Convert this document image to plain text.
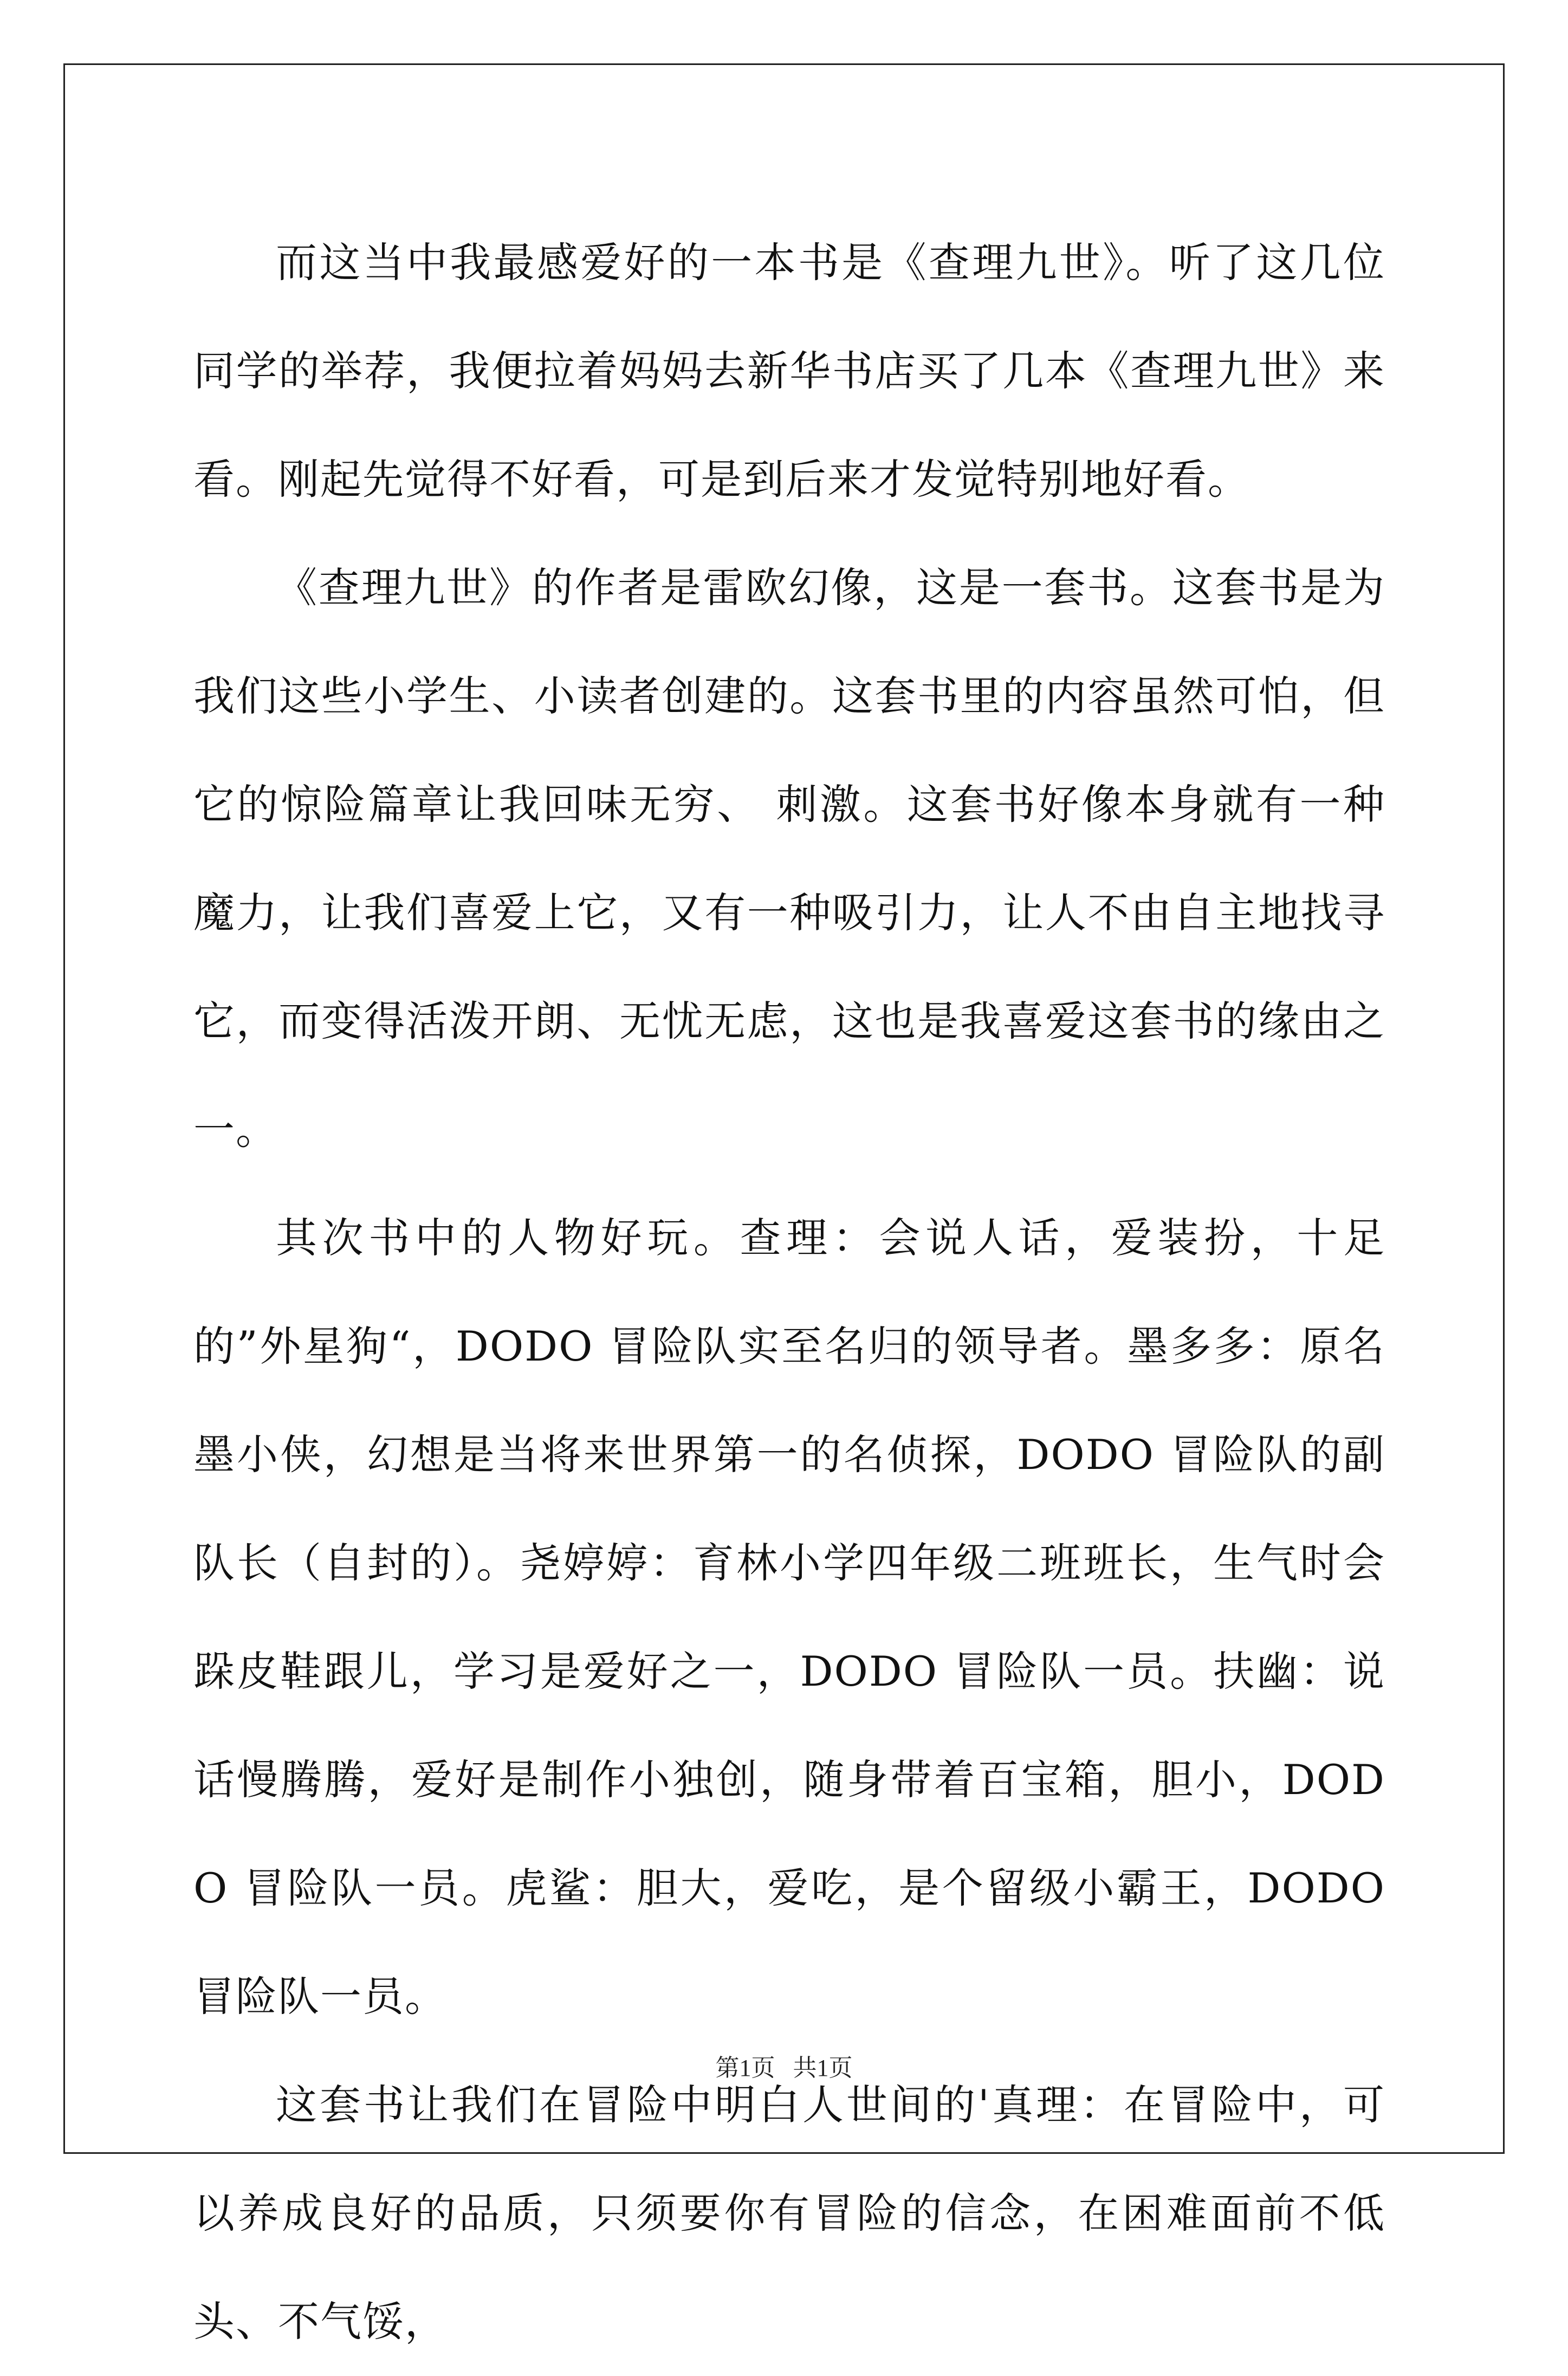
而这当中我最感爱好的一本书是《查理九世》。听了这几位同学的举荐，我便拉着妈妈去新华书店买了几本《查理九世》来看。刚起先觉得不好看，可是到后来才发觉特别地好看。

《查理九世》的作者是雷欧幻像，这是一套书。这套书是为我们这些小学生、小读者创建的。这套书里的内容虽然可怕，但它的惊险篇章让我回味无穷、 刺激。这套书好像本身就有一种魔力，让我们喜爱上它，又有一种吸引力，让人不由自主地找寻它，而变得活泼开朗、无忧无虑，这也是我喜爱这套书的缘由之一。

其次书中的人物好玩。查理：会说人话，爱装扮，十足的”外星狗“，DODO 冒险队实至名归的领导者。墨多多：原名墨小侠，幻想是当将来世界第一的名侦探，DODO 冒险队的副队长（自封的）。尧婷婷：育林小学四年级二班班长，生气时会跺皮鞋跟儿，学习是爱好之一，DODO 冒险队一员。扶幽：说话慢腾腾，爱好是制作小独创，随身带着百宝箱，胆小，DODO 冒险队一员。虎鲨：胆大，爱吃，是个留级小霸王，DODO 冒险队一员。

这套书让我们在冒险中明白人世间的'真理：在冒险中，可以养成良好的品质，只须要你有冒险的信念，在困难面前不低头、不气馁，

第1页   共1页
